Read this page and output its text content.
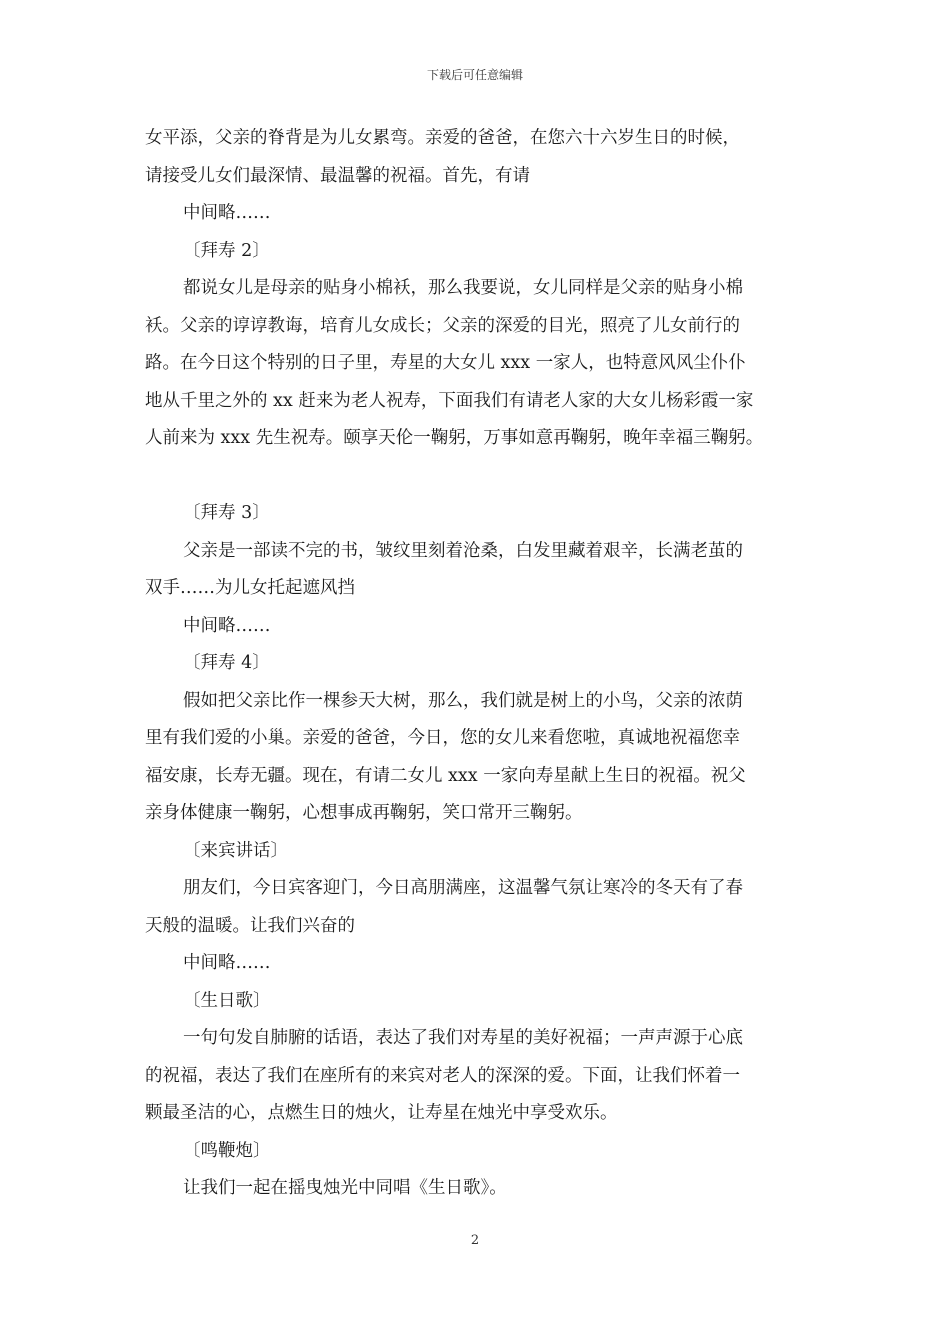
下载后可任意编辑
女平添，父亲的脊背是为儿女累弯。亲爱的爸爸，在您六十六岁生日的时候，
请接受儿女们最深情、最温馨的祝福。首先，有请
中间略……
〔拜寿 2〕
都说女儿是母亲的贴身小棉袄，那么我要说，女儿同样是父亲的贴身小棉
袄。父亲的谆谆教诲，培育儿女成长；父亲的深爱的目光，照亮了儿女前行的
路。在今日这个特别的日子里，寿星的大女儿 xxx 一家人，也特意风风尘仆仆
地从千里之外的 xx 赶来为老人祝寿，下面我们有请老人家的大女儿杨彩霞一家
人前来为 xxx 先生祝寿。颐享天伦一鞠躬，万事如意再鞠躬，晚年幸福三鞠躬。
〔拜寿 3〕
父亲是一部读不完的书，皱纹里刻着沧桑，白发里藏着艰辛，长满老茧的
双手……为儿女托起遮风挡
中间略……
〔拜寿 4〕
假如把父亲比作一棵参天大树，那么，我们就是树上的小鸟，父亲的浓荫
里有我们爱的小巢。亲爱的爸爸，今日，您的女儿来看您啦，真诚地祝福您幸
福安康，长寿无疆。现在，有请二女儿 xxx 一家向寿星献上生日的祝福。祝父
亲身体健康一鞠躬，心想事成再鞠躬，笑口常开三鞠躬。
〔来宾讲话〕
朋友们，今日宾客迎门，今日高朋满座，这温馨气氛让寒冷的冬天有了春
天般的温暖。让我们兴奋的
中间略……
〔生日歌〕
一句句发自肺腑的话语，表达了我们对寿星的美好祝福；一声声源于心底
的祝福，表达了我们在座所有的来宾对老人的深深的爱。下面，让我们怀着一
颗最圣洁的心，点燃生日的烛火，让寿星在烛光中享受欢乐。
〔鸣鞭炮〕
让我们一起在摇曳烛光中同唱《生日歌》。
2
